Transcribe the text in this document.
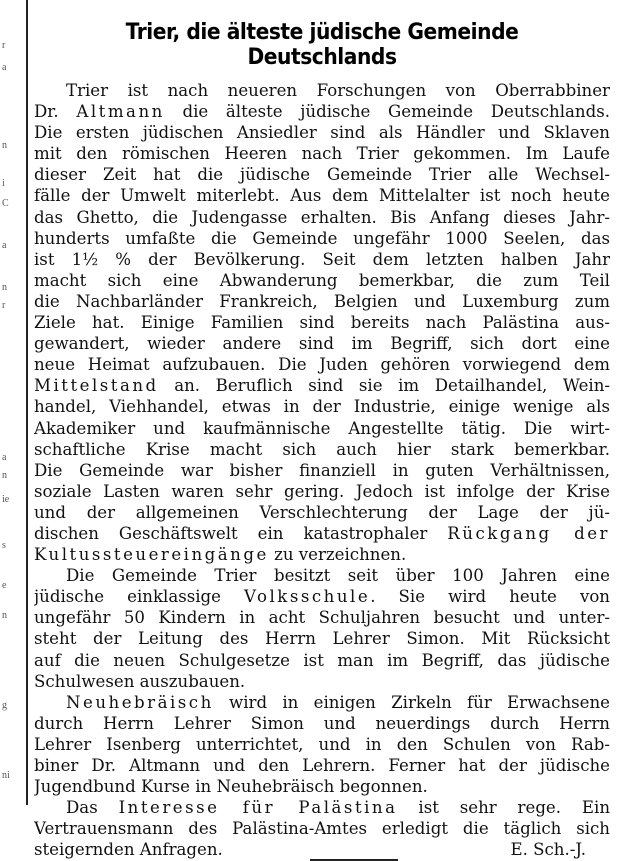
r
a
n
i
C
a
n
r
a
n
ie
s
e
n
g
ni
Trier, die älteste jüdische Gemeinde Deutschlands
Trier ist nach neueren Forschungen von Oberrabbiner
Dr. Altmann die älteste jüdische Gemeinde Deutschlands.
Die ersten jüdischen Ansiedler sind als Händler und Sklaven
mit den römischen Heeren nach Trier gekommen. Im Laufe
dieser Zeit hat die jüdische Gemeinde Trier alle Wechsel-
fälle der Umwelt miterlebt. Aus dem Mittelalter ist noch heute
das Ghetto, die Judengasse erhalten. Bis Anfang dieses Jahr-
hunderts umfaßte die Gemeinde ungefähr 1000 Seelen, das
ist 1½ % der Bevölkerung. Seit dem letzten halben Jahr
macht sich eine Abwanderung bemerkbar, die zum Teil
die Nachbarländer Frankreich, Belgien und Luxemburg zum
Ziele hat. Einige Familien sind bereits nach Palästina aus-
gewandert, wieder andere sind im Begriff, sich dort eine
neue Heimat aufzubauen. Die Juden gehören vorwiegend dem
Mittelstand an. Beruflich sind sie im Detailhandel, Wein-
handel, Viehhandel, etwas in der Industrie, einige wenige als
Akademiker und kaufmännische Angestellte tätig. Die wirt-
schaftliche Krise macht sich auch hier stark bemerkbar.
Die Gemeinde war bisher finanziell in guten Verhältnissen,
soziale Lasten waren sehr gering. Jedoch ist infolge der Krise
und der allgemeinen Verschlechterung der Lage der jü-
dischen Geschäftswelt ein katastrophaler Rückgang der
Kultussteuereingänge zu verzeichnen.
Die Gemeinde Trier besitzt seit über 100 Jahren eine
jüdische einklassige Volksschule. Sie wird heute von
ungefähr 50 Kindern in acht Schuljahren besucht und unter-
steht der Leitung des Herrn Lehrer Simon. Mit Rücksicht
auf die neuen Schulgesetze ist man im Begriff, das jüdische
Schulwesen auszubauen.
Neuhebräisch wird in einigen Zirkeln für Erwachsene
durch Herrn Lehrer Simon und neuerdings durch Herrn
Lehrer Isenberg unterrichtet, und in den Schulen von Rab-
biner Dr. Altmann und den Lehrern. Ferner hat der jüdische
Jugendbund Kurse in Neuhebräisch begonnen.
Das Interesse für Palästina ist sehr rege. Ein
Vertrauensmann des Palästina-Amtes erledigt die täglich sich
steigernden Anfragen.	E. Sch.-J.
